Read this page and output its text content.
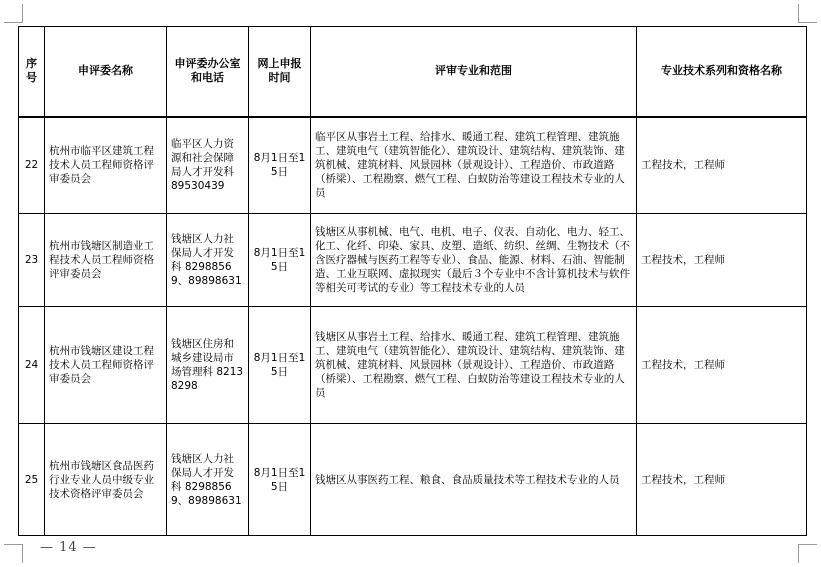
序号	申评委名称	申评委办公室和电话	网上申报时间	评审专业和范围	专业技术系列和资格名称
22	杭州市临平区建筑工程技术人员工程师资格评审委员会	临平区人力资源和社会保障局人才开发科 89530439	8月1日至15日	临平区从事岩土工程、给排水、暖通工程、建筑工程管理、建筑施工、建筑电气（建筑智能化）、建筑设计、建筑结构、建筑装饰、建筑机械、建筑材料、风景园林（景观设计）、工程造价、市政道路（桥梁）、工程勘察、燃气工程、白蚁防治等建设工程技术专业的人员	工程技术，工程师
23	杭州市钱塘区制造业工程技术人员工程师资格评审委员会	钱塘区人力社保局人才开发科 82988569、89898631	8月1日至15日	钱塘区从事机械、电气、电机、电子、仪表、自动化、电力、轻工、化工、化纤、印染、家具、皮塑、造纸、纺织、丝绸、生物技术（不含医疗器械与医药工程等专业）、食品、能源、材料、石油、智能制造、工业互联网、虚拟现实（最后３个专业中不含计算机技术与软件等相关可考试的专业）等工程技术专业的人员	工程技术，工程师
24	杭州市钱塘区建设工程技术人员工程师资格评审委员会	钱塘区住房和城乡建设局市场管理科 82138298	8月1日至15日	钱塘区从事岩土工程、给排水、暖通工程、建筑工程管理、建筑施工、建筑电气（建筑智能化）、建筑设计、建筑结构、建筑装饰、建筑机械、建筑材料、风景园林（景观设计）、工程造价、市政道路（桥梁）、工程勘察、燃气工程、白蚁防治等建设工程技术专业的人员	工程技术，工程师
25	杭州市钱塘区食品医药行业专业人员中级专业技术资格评审委员会	钱塘区人力社保局人才开发科 82988569、89898631	8月1日至15日	钱塘区从事医药工程、粮食、食品质量技术等工程技术专业的人员	工程技术，工程师
— 14 —
